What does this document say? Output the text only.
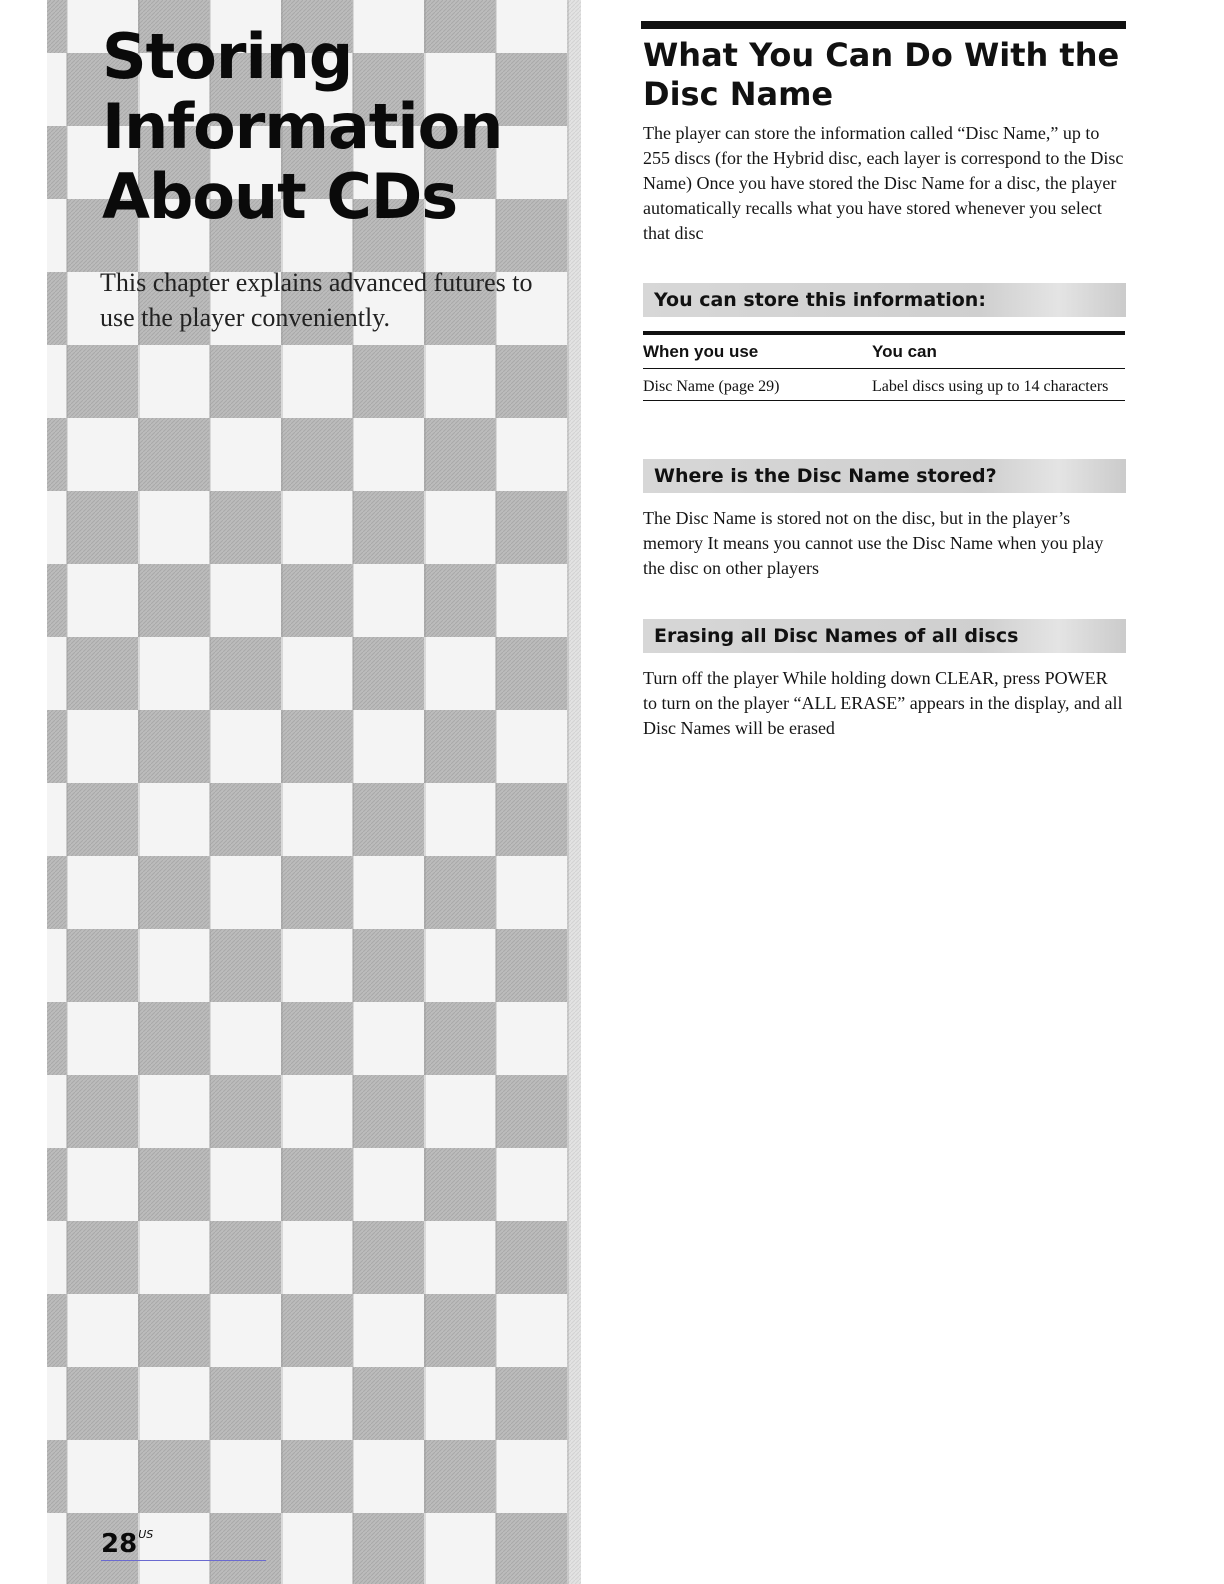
Storing
Information
About CDs

This chapter explains advanced futures to use the player conveniently.

$28^{US}$
What You Can Do With the Disc Name

The player can store the information called “Disc Name,” up to 255 discs (for the Hybrid disc, each layer is correspond to the Disc Name) Once you have stored the Disc Name for a disc, the player automatically recalls what you have stored whenever you select that disc

You can store this information:
When you use	You can
Disc Name (page 29)	Label discs using up to 14 characters
Where is the Disc Name stored?

The Disc Name is stored not on the disc, but in the player’s memory It means you cannot use the Disc Name when you play the disc on other players

Erasing all Disc Names of all discs

Turn off the player While holding down CLEAR, press POWER to turn on the player “ALL ERASE” appears in the display, and all Disc Names will be erased
